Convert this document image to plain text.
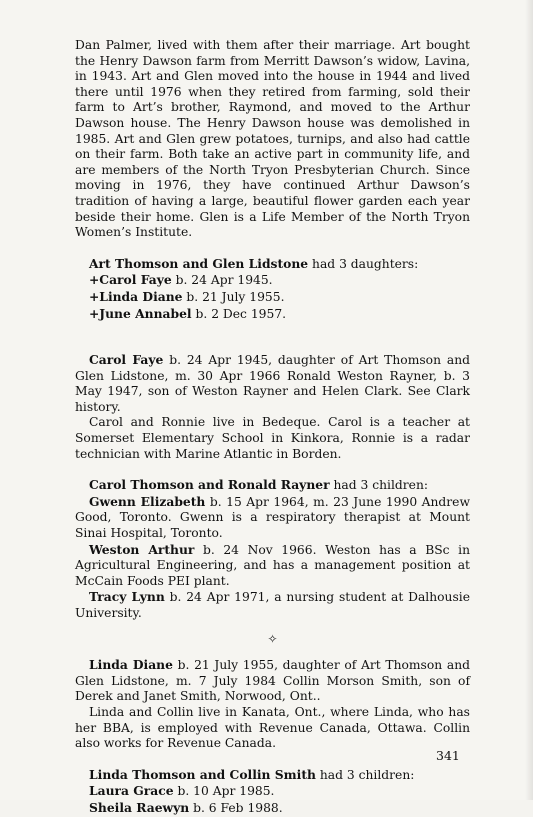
Dan Palmer, lived with them after their marriage. Art bought the Henry Dawson farm from Merritt Dawson’s widow, Lavina, in 1943. Art and Glen moved into the house in 1944 and lived there until 1976 when they retired from farming, sold their farm to Art’s brother, Raymond, and moved to the Arthur Dawson house. The Henry Dawson house was demolished in 1985. Art and Glen grew potatoes, turnips, and also had cattle on their farm. Both take an active part in community life, and are members of the North Tryon Presbyterian Church. Since moving in 1976, they have continued Arthur Dawson’s tradition of having a large, beautiful flower garden each year beside their home. Glen is a Life Member of the North Tryon Women’s Institute.

Art Thomson and Glen Lidstone had 3 daughters:

+Carol Faye b. 24 Apr 1945.

+Linda Diane b. 21 July 1955.

+June Annabel b. 2 Dec 1957.

Carol Faye b. 24 Apr 1945, daughter of Art Thomson and Glen Lidstone, m. 30 Apr 1966 Ronald Weston Rayner, b. 3 May 1947, son of Weston Rayner and Helen Clark. See Clark history.

Carol and Ronnie live in Bedeque. Carol is a teacher at Somerset Elementary School in Kinkora, Ronnie is a radar technician with Marine Atlantic in Borden.

Carol Thomson and Ronald Rayner had 3 children:

Gwenn Elizabeth b. 15 Apr 1964, m. 23 June 1990 Andrew Good, Toronto. Gwenn is a respiratory therapist at Mount Sinai Hospital, Toronto.

Weston Arthur b. 24 Nov 1966. Weston has a BSc in Agricultural Engineering, and has a management position at McCain Foods PEI plant.

Tracy Lynn b. 24 Apr 1971, a nursing student at Dalhousie University.

✧

Linda Diane b. 21 July 1955, daughter of Art Thomson and Glen Lidstone, m. 7 July 1984 Collin Morson Smith, son of Derek and Janet Smith, Norwood, Ont..

Linda and Collin live in Kanata, Ont., where Linda, who has her BBA, is employed with Revenue Canada, Ottawa. Collin also works for Revenue Canada.

Linda Thomson and Collin Smith had 3 children:

Laura Grace b. 10 Apr 1985.

Sheila Raewyn b. 6 Feb 1988.

341
